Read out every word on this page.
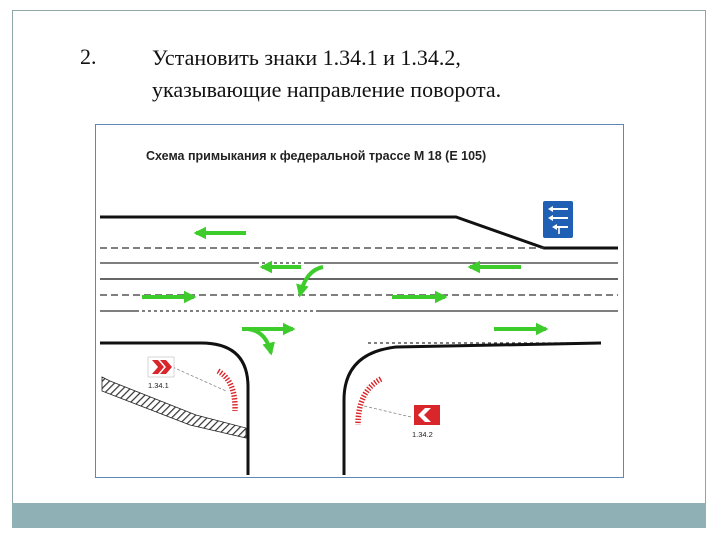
2.	Установить знаки 1.34.1 и 1.34.2,
указывающие направление поворота.
Схема примыкания к федеральной трассе М 18 (Е 105)
1.34.1
1.34.2
